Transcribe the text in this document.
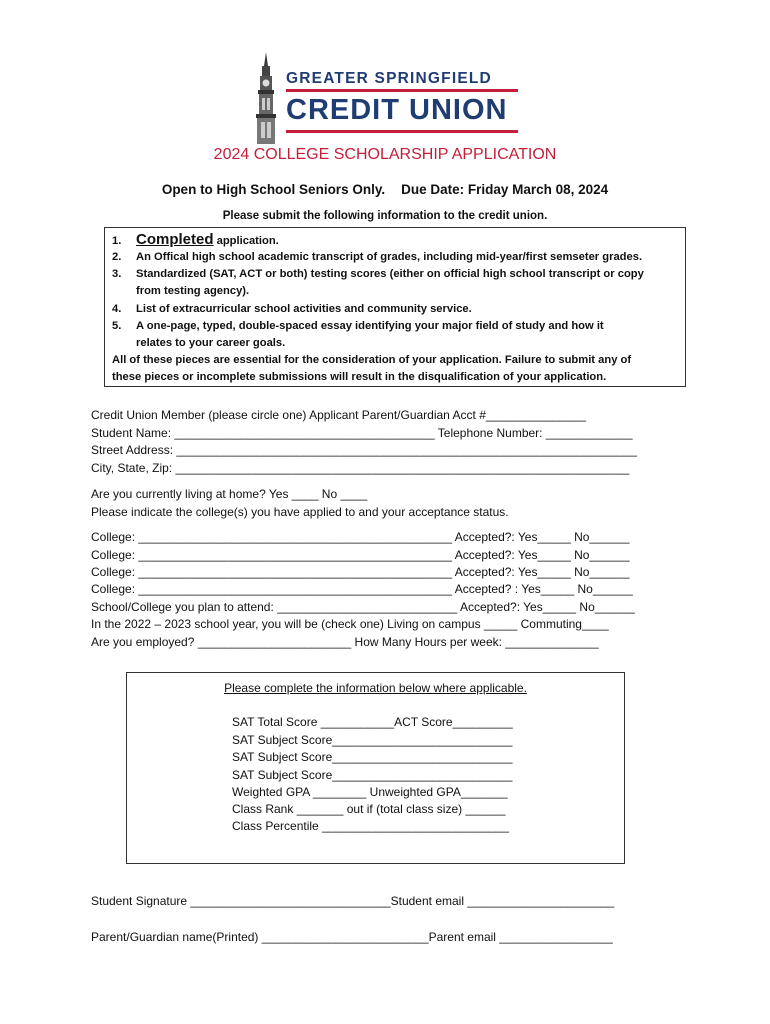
GREATER SPRINGFIELD
CREDIT UNION
2024 COLLEGE SCHOLARSHIP APPLICATION
Open to High School Seniors Only. Due Date: Friday March 08, 2024
Please submit the following information to the credit union.
1. Completed application.
2. An Offical high school academic transcript of grades, including mid-year/first semseter grades.
3. Standardized (SAT, ACT or both) testing scores (either on official high school transcript or copy
from testing agency).
4. List of extracurricular school activities and community service.
5. A one-page, typed, double-spaced essay identifying your major field of study and how it
relates to your career goals.
All of these pieces are essential for the consideration of your application. Failure to submit any of
these pieces or incomplete submissions will result in the disqualification of your application.
Credit Union Member (please circle one) Applicant Parent/Guardian Acct #_______________
Student Name: _______________________________________ Telephone Number: _____________
Street Address: _____________________________________________________________________
City, State, Zip: ____________________________________________________________________
Are you currently living at home? Yes ____ No ____
Please indicate the college(s) you have applied to and your acceptance status.
College: _______________________________________________ Accepted?: Yes_____ No______
College: _______________________________________________ Accepted?: Yes_____ No______
College: _______________________________________________ Accepted?: Yes_____ No______
College: _______________________________________________ Accepted? : Yes_____ No______
School/College you plan to attend: ___________________________ Accepted?: Yes_____ No______
In the 2022 – 2023 school year, you will be (check one) Living on campus _____ Commuting____
Are you employed? _______________________ How Many Hours per week: ______________
Please complete the information below where applicable.
SAT Total Score ___________ACT Score_________
SAT Subject Score___________________________
SAT Subject Score___________________________
SAT Subject Score___________________________
Weighted GPA ________ Unweighted GPA_______
Class Rank _______ out if (total class size) ______
Class Percentile ____________________________
Student Signature ______________________________Student email ______________________
Parent/Guardian name(Printed) _________________________Parent email _________________
